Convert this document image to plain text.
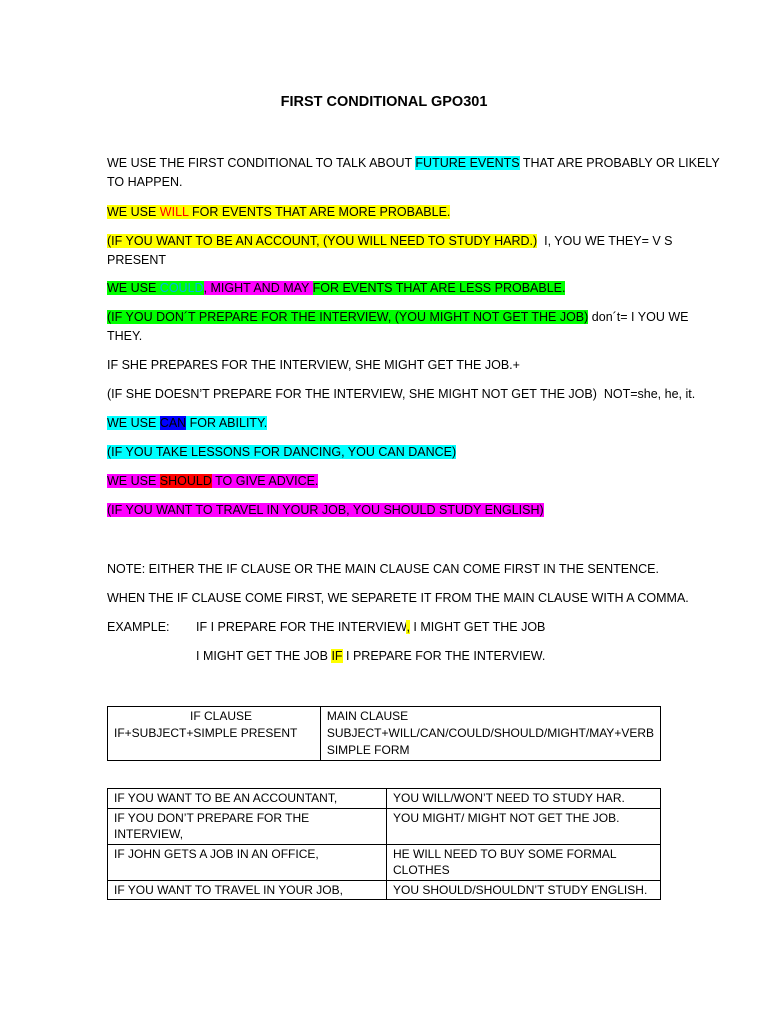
FIRST CONDITIONAL GPO301
WE USE THE FIRST CONDITIONAL TO TALK ABOUT FUTURE EVENTS THAT ARE PROBABLY OR LIKELY
TO HAPPEN.
WE USE WILL FOR EVENTS THAT ARE MORE PROBABLE.
(IF YOU WANT TO BE AN ACCOUNT, (YOU WILL NEED TO STUDY HARD.)  I, YOU WE THEY= V S
PRESENT
WE USE COULD, MIGHT AND MAY FOR EVENTS THAT ARE LESS PROBABLE.
(IF YOU DON´T PREPARE FOR THE INTERVIEW, (YOU MIGHT NOT GET THE JOB) don´t= I YOU WE
THEY.
IF SHE PREPARES FOR THE INTERVIEW, SHE MIGHT GET THE JOB.+
(IF SHE DOESN’T PREPARE FOR THE INTERVIEW, SHE MIGHT NOT GET THE JOB)  NOT=she, he, it.
WE USE CAN FOR ABILITY.
(IF YOU TAKE LESSONS FOR DANCING, YOU CAN DANCE)
WE USE SHOULD TO GIVE ADVICE.
(IF YOU WANT TO TRAVEL IN YOUR JOB, YOU SHOULD STUDY ENGLISH)
NOTE: EITHER THE IF CLAUSE OR THE MAIN CLAUSE CAN COME FIRST IN THE SENTENCE.
WHEN THE IF CLAUSE COME FIRST, WE SEPARETE IT FROM THE MAIN CLAUSE WITH A COMMA.
EXAMPLE: IF I PREPARE FOR THE INTERVIEW, I MIGHT GET THE JOB
I MIGHT GET THE JOB IF I PREPARE FOR THE INTERVIEW.
IF CLAUSE
IF+SUBJECT+SIMPLE PRESENT

MAIN CLAUSE
SUBJECT+WILL/CAN/COULD/SHOULD/MIGHT/MAY+VERB SIMPLE FORM
IF YOU WANT TO BE AN ACCOUNTANT,	YOU WILL/WON’T NEED TO STUDY HAR.
IF YOU DON’T PREPARE FOR THE INTERVIEW,	YOU MIGHT/ MIGHT NOT GET THE JOB.
IF JOHN GETS A JOB IN AN OFFICE,	HE WILL NEED TO BUY SOME FORMAL CLOTHES
IF YOU WANT TO TRAVEL IN YOUR JOB,	YOU SHOULD/SHOULDN’T STUDY ENGLISH.
